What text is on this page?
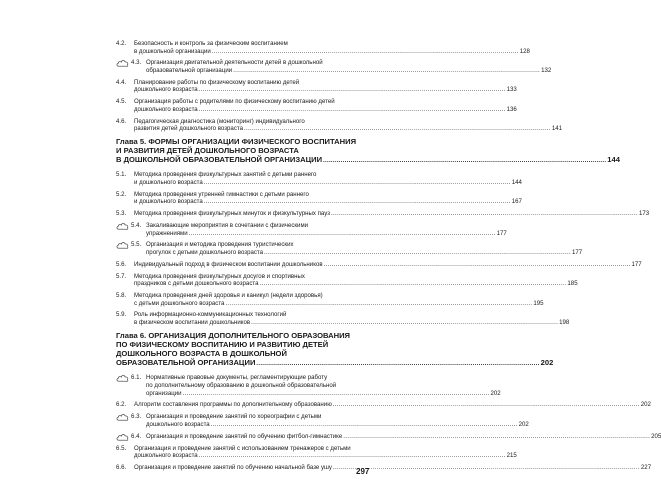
4.2.	Безопасность и контроль за физическим воспитанием
в дошкольной организации .....	128
4.3. Организация двигательной деятельности детей в дошкольной
образовательной организации .....	132
4.4.	Планирование работы по физическому воспитанию детей
дошкольного возраста .....	133
4.5.	Организация работы с родителями по физическому воспитанию детей
дошкольного возраста .....	136
4.6.	Педагогическая диагностика (мониторинг) индивидуального
развития детей дошкольного возраста .....	141
Глава 5. ФОРМЫ ОРГАНИЗАЦИИ ФИЗИЧЕСКОГО ВОСПИТАНИЯ
И РАЗВИТИЯ ДЕТЕЙ ДОШКОЛЬНОГО ВОЗРАСТА
В ДОШКОЛЬНОЙ ОБРАЗОВАТЕЛЬНОЙ ОРГАНИЗАЦИИ .....	144
5.1.	Методика проведения физкультурных занятий с детьми раннего
и дошкольного возраста .....	144
5.2.	Методика проведения утренней гимнастики с детьми раннего
и дошкольного возраста .....	167
5.3.	Методика проведения физкультурных минуток и физкультурных пауз .....	173
5.4. Закаливающие мероприятия в сочетании с физическими
упражнениями .....	177
5.5. Организация и методика проведения туристических
прогулок с детьми дошкольного возраста .....	177
5.6.	Индивидуальный подход в физическом воспитании дошкольников .....	177
5.7.	Методика проведения физкультурных досугов и спортивных
праздников с детьми дошкольного возраста .....	185
5.8.	Методика проведения дней здоровья и каникул (недели здоровья)
с детьми дошкольного возраста .....	195
5.9.	Роль информационно-коммуникационных технологий
в физическом воспитании дошкольников .....	198
Глава 6. ОРГАНИЗАЦИЯ ДОПОЛНИТЕЛЬНОГО ОБРАЗОВАНИЯ
ПО ФИЗИЧЕСКОМУ ВОСПИТАНИЮ И РАЗВИТИЮ ДЕТЕЙ
ДОШКОЛЬНОГО ВОЗРАСТА В ДОШКОЛЬНОЙ
ОБРАЗОВАТЕЛЬНОЙ ОРГАНИЗАЦИИ .....	202
6.1. Нормативные правовые документы, регламентирующие работу
по дополнительному образованию в дошкольной образовательной
организации .....	202
6.2.	Алгоритм составления программы по дополнительному образованию .....	202
6.3. Организация и проведение занятий по хореографии с детьми
дошкольного возраста .....	202
6.4. Организация и проведение занятий по обучению фитбол-гимнастике .....	205
6.5.	Организация и проведение занятий с использованием тренажеров с детьми
дошкольного возраста .....	215
6.6.	Организация и проведение занятий по обучению начальной базе ушу .....	227
297
